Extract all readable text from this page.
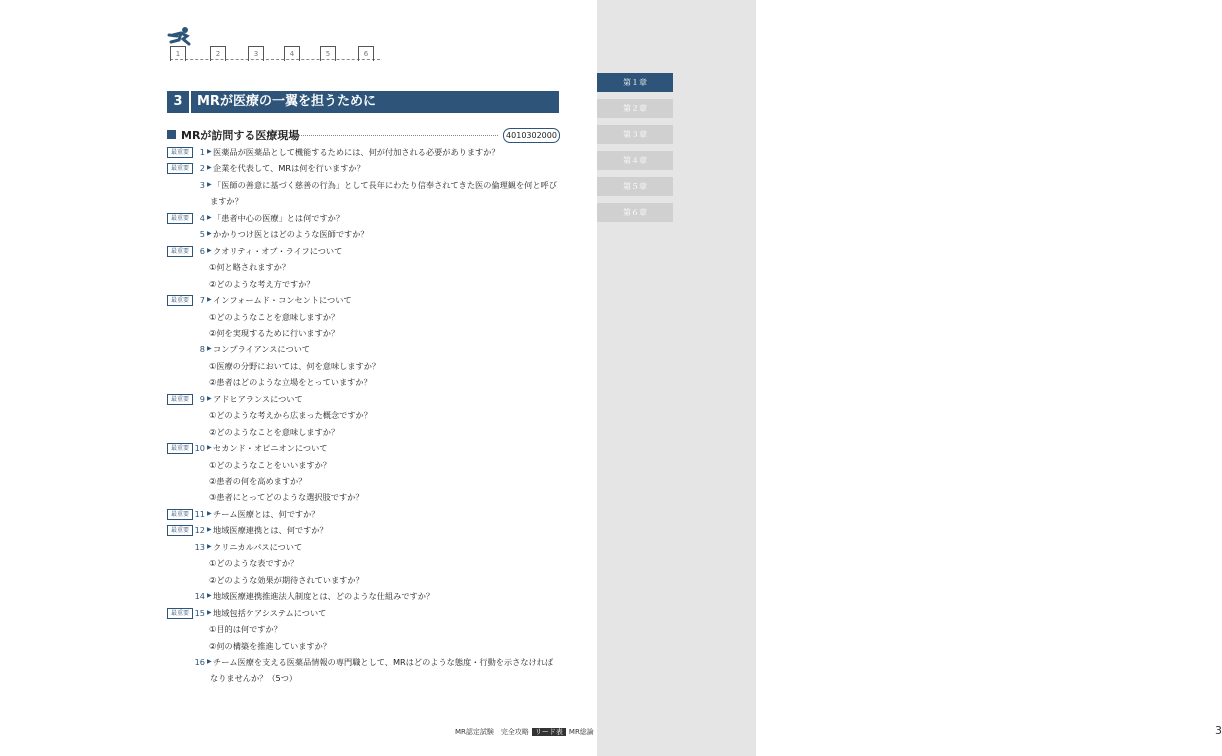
1	2	3	4	5	6
3	MRが医療の一翼を担うために
MRが訪問する医療現場	4010302000
最重要	1 ▶ 医薬品が医薬品として機能するためには、何が付加される必要がありますか？
最重要	2 ▶ 企業を代表して、MRは何を行いますか？
3 ▶ 「医師の善意に基づく慈善の行為」として長年にわたり信奉されてきた医の倫理観を何と呼び
ますか？
最重要	4 ▶ 「患者中心の医療」とは何ですか？
5 ▶ かかりつけ医とはどのような医師ですか？
最重要	6 ▶ クオリティ・オブ・ライフについて
①何と略されますか？
②どのような考え方ですか？
最重要	7 ▶ インフォームド・コンセントについて
①どのようなことを意味しますか？
②何を実現するために行いますか？
8 ▶ コンプライアンスについて
①医療の分野においては、何を意味しますか？
②患者はどのような立場をとっていますか？
最重要	9 ▶ アドヒアランスについて
①どのような考えから広まった概念ですか？
②どのようなことを意味しますか？
最重要 10 ▶ セカンド・オピニオンについて
①どのようなことをいいますか？
②患者の何を高めますか？
③患者にとってどのような選択肢ですか？
最重要 11 ▶ チーム医療とは、何ですか？
最重要 12 ▶ 地域医療連携とは、何ですか？
13 ▶ クリニカルパスについて
①どのような表ですか？
②どのような効果が期待されていますか？
14 ▶ 地域医療連携推進法人制度とは、どのような仕組みですか？
最重要 15 ▶ 地域包括ケアシステムについて
①目的は何ですか？
②何の構築を推進していますか？
16 ▶ チーム医療を支える医薬品情報の専門職として、MRはどのような態度・行動を示さなければ
なりませんか？（5つ）
MR認定試験　完全攻略 リード表 MR総論
第１章
第２章
第３章
第４章
第５章
第６章
3
